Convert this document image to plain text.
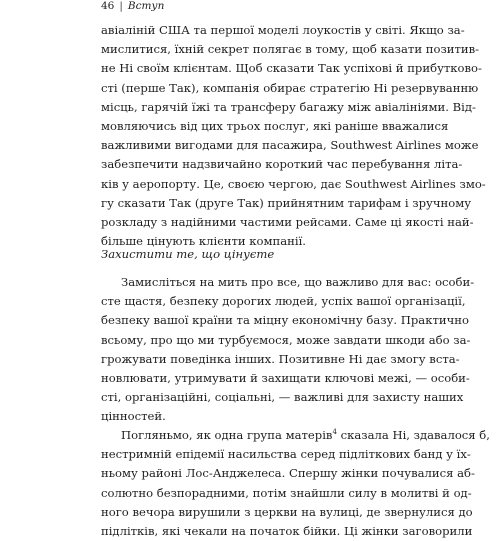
46 | Вступ
авіаліній США та першої моделі лоукостів у світі. Якщо за-
мислитися, їхній секрет полягає в тому, щоб казати позитив-
не Ні своїм клієнтам. Щоб сказати Так успіхові й прибутково-
сті (перше Так), компанія обирає стратегію Ні резервуванню
місць, гарячій їжі та трансферу багажу між авіалініями. Від-
мовляючись від цих трьох послуг, які раніше вважалися
важливими вигодами для пасажира, Southwest Airlines може
забезпечити надзвичайно короткий час перебування літа-
ків у аеропорту. Це, своєю чергою, дає Southwest Airlines змо-
гу сказати Так (друге Так) прийнятним тарифам і зручному
розкладу з надійними частими рейсами. Саме ці якості най-
більше цінують клієнти компанії.
Захистити те, що цінуєте
Замисліться на мить про все, що важливо для вас: особи-
сте щастя, безпеку дорогих людей, успіх вашої організації,
безпеку вашої країни та міцну економічну базу. Практично
всьому, про що ми турбуємося, може завдати шкоди або за-
грожувати поведінка інших. Позитивне Ні дає змогу вста-
новлювати, утримувати й захищати ключові межі, — особи-
сті, організаційні, соціальні, — важливі для захисту наших
цінностей.
Погляньмо, як одна група матерів$^4$ сказала Ні, здавалося б,
нестримній епідемії насильства серед підліткових банд у їх-
ньому районі Лос-Анджелеса. Спершу жінки почувалися аб-
солютно безпорадними, потім знайшли силу в молитві й од-
ного вечора вирушили з церкви на вулиці, де звернулися до
підлітків, які чекали на початок бійки. Ці жінки заговорили
